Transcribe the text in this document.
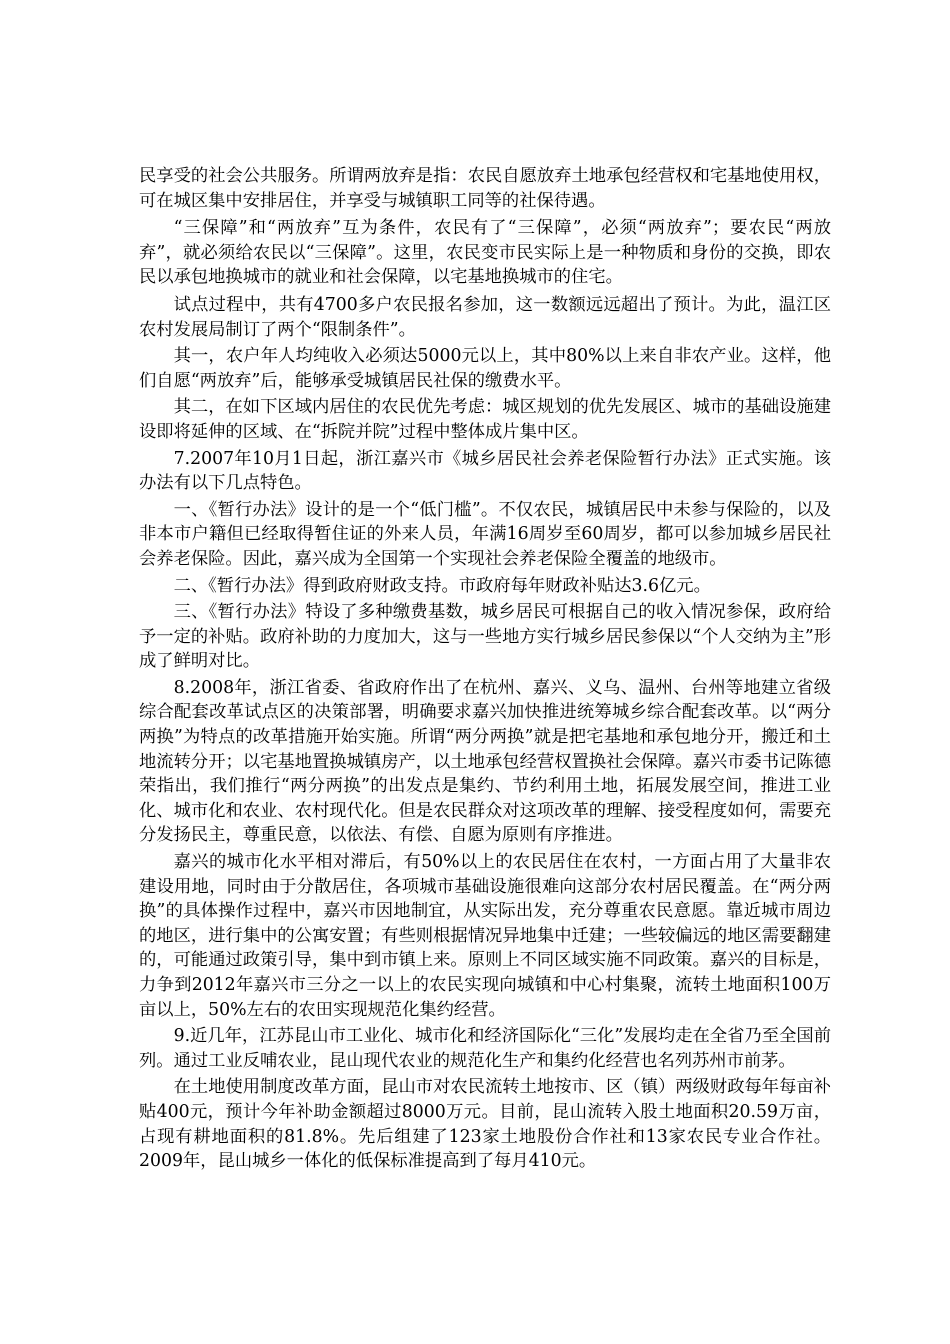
民享受的社会公共服务。所谓两放弃是指：农民自愿放弃土地承包经营权和宅基地使用权，可在城区集中安排居住，并享受与城镇职工同等的社保待遇。

“三保障”和“两放弃”互为条件，农民有了“三保障”，必须“两放弃”；要农民“两放弃”，就必须给农民以“三保障”。这里，农民变市民实际上是一种物质和身份的交换，即农民以承包地换城市的就业和社会保障，以宅基地换城市的住宅。

试点过程中，共有4700多户农民报名参加，这一数额远远超出了预计。为此，温江区农村发展局制订了两个“限制条件”。

其一，农户年人均纯收入必须达5000元以上，其中80%以上来自非农产业。这样，他们自愿“两放弃”后，能够承受城镇居民社保的缴费水平。

其二，在如下区域内居住的农民优先考虑：城区规划的优先发展区、城市的基础设施建设即将延伸的区域、在“拆院并院”过程中整体成片集中区。

7.2007年10月1日起，浙江嘉兴市《城乡居民社会养老保险暂行办法》正式实施。该办法有以下几点特色。

一、《暂行办法》设计的是一个“低门槛”。不仅农民，城镇居民中未参与保险的，以及非本市户籍但已经取得暂住证的外来人员，年满16周岁至60周岁，都可以参加城乡居民社会养老保险。因此，嘉兴成为全国第一个实现社会养老保险全覆盖的地级市。

二、《暂行办法》得到政府财政支持。市政府每年财政补贴达3.6亿元。

三、《暂行办法》特设了多种缴费基数，城乡居民可根据自己的收入情况参保，政府给予一定的补贴。政府补助的力度加大，这与一些地方实行城乡居民参保以“个人交纳为主”形成了鲜明对比。

8.2008年，浙江省委、省政府作出了在杭州、嘉兴、义乌、温州、台州等地建立省级综合配套改革试点区的决策部署，明确要求嘉兴加快推进统筹城乡综合配套改革。以“两分两换”为特点的改革措施开始实施。所谓“两分两换”就是把宅基地和承包地分开，搬迁和土地流转分开；以宅基地置换城镇房产，以土地承包经营权置换社会保障。嘉兴市委书记陈德荣指出，我们推行“两分两换”的出发点是集约、节约利用土地，拓展发展空间，推进工业化、城市化和农业、农村现代化。但是农民群众对这项改革的理解、接受程度如何，需要充分发扬民主，尊重民意，以依法、有偿、自愿为原则有序推进。

嘉兴的城市化水平相对滞后，有50%以上的农民居住在农村，一方面占用了大量非农建设用地，同时由于分散居住，各项城市基础设施很难向这部分农村居民覆盖。在“两分两换”的具体操作过程中，嘉兴市因地制宜，从实际出发，充分尊重农民意愿。靠近城市周边的地区，进行集中的公寓安置；有些则根据情况异地集中迁建；一些较偏远的地区需要翻建的，可能通过政策引导，集中到市镇上来。原则上不同区域实施不同政策。嘉兴的目标是，力争到2012年嘉兴市三分之一以上的农民实现向城镇和中心村集聚，流转土地面积100万亩以上，50%左右的农田实现规范化集约经营。

9.近几年，江苏昆山市工业化、城市化和经济国际化“三化”发展均走在全省乃至全国前列。通过工业反哺农业，昆山现代农业的规范化生产和集约化经营也名列苏州市前茅。

在土地使用制度改革方面，昆山市对农民流转土地按市、区（镇）两级财政每年每亩补贴400元，预计今年补助金额超过8000万元。目前，昆山流转入股土地面积20.59万亩，占现有耕地面积的81.8%。先后组建了123家土地股份合作社和13家农民专业合作社。2009年，昆山城乡一体化的低保标准提高到了每月410元。
